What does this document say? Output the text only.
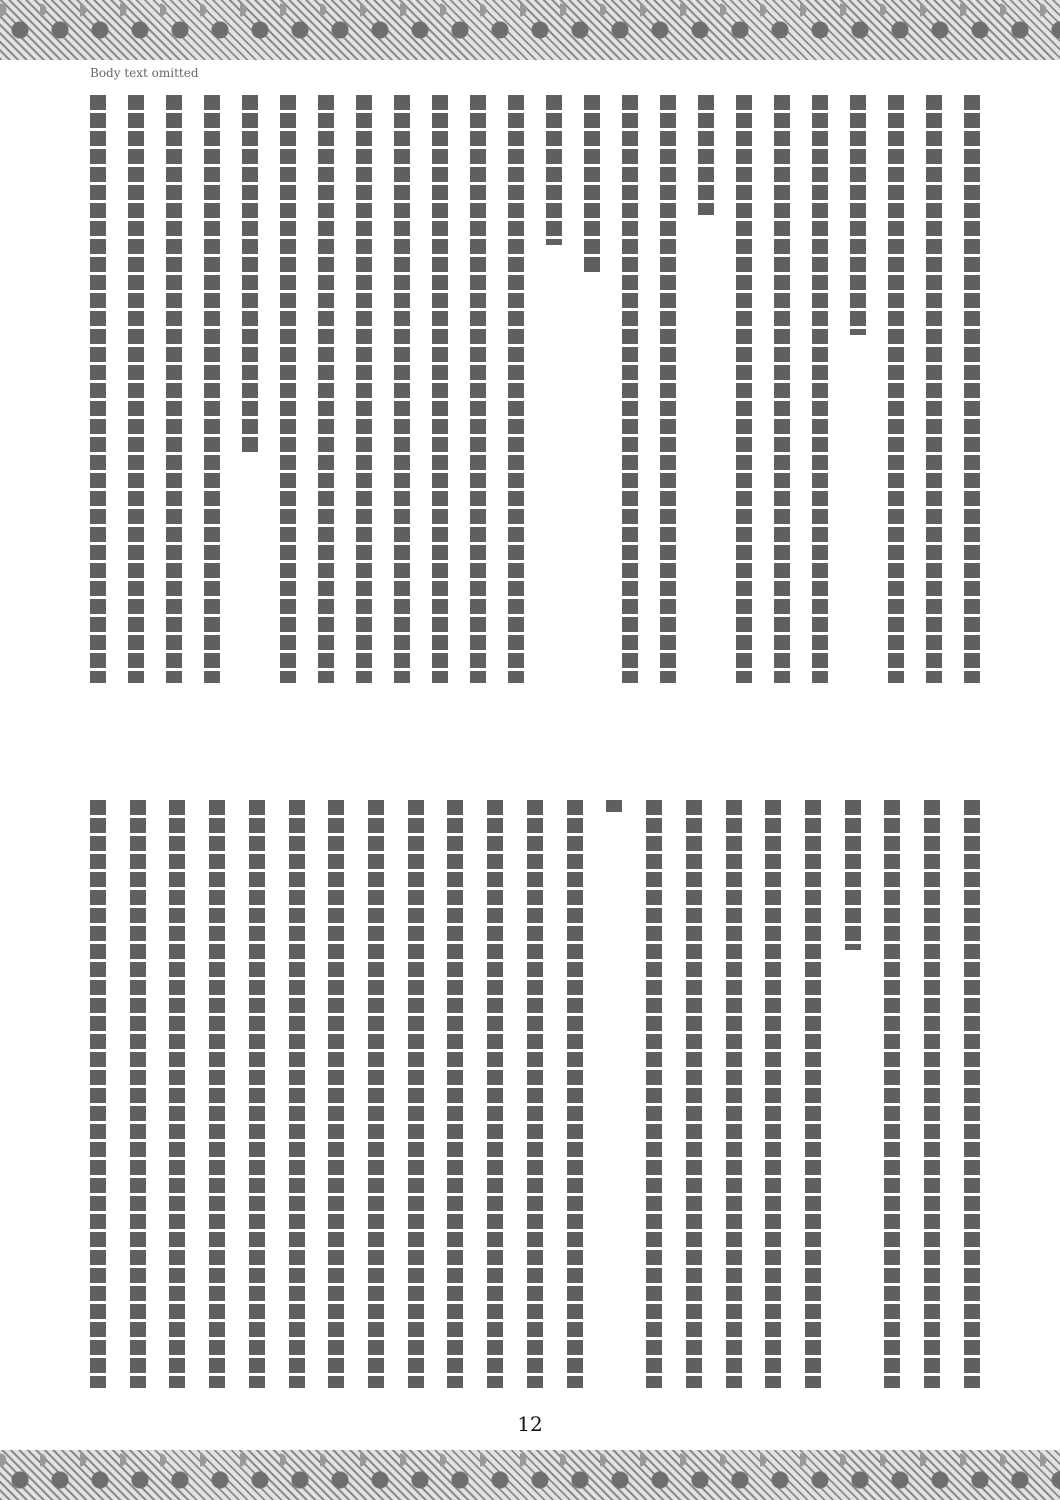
Body text omitted
12
